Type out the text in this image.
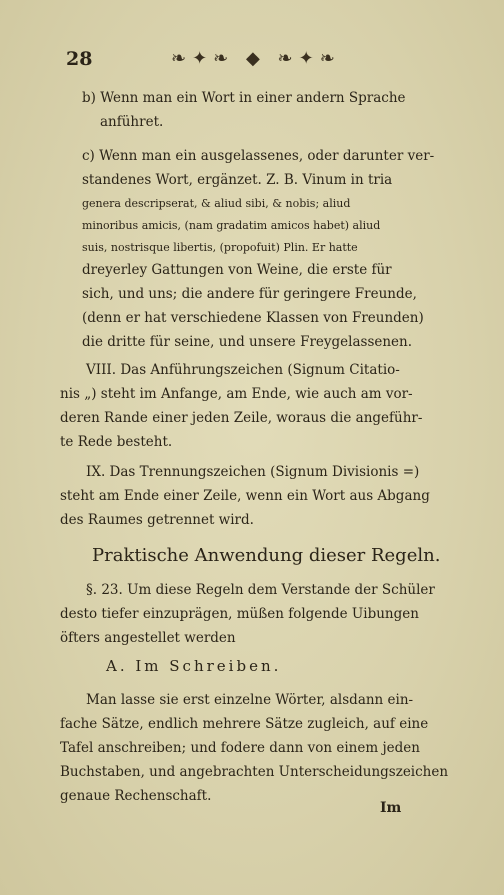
28	❧✦❧ ◆ ❧✦❧
b) Wenn man ein Wort in einer andern Sprache
anführet.
c) Wenn man ein ausgelassenes, oder darunter ver-
standenes Wort, ergänzet. Z. B. Vinum in tria
genera descripserat, & aliud sibi, & nobis; aliud
minoribus amicis, (nam gradatim amicos habet) aliud
suis, nostrisque libertis, (propofuit) Plin. Er hatte
dreyerley Gattungen von Weine, die erste für
sich, und uns; die andere für geringere Freunde,
(denn er hat verschiedene Klassen von Freunden)
die dritte für seine, und unsere Freygelassenen.
VIII. Das Anführungszeichen (Signum Citatio-
nis „) steht im Anfange, am Ende, wie auch am vor-
deren Rande einer jeden Zeile, woraus die angeführ-
te Rede besteht.
IX. Das Trennungszeichen (Signum Divisionis =)
steht am Ende einer Zeile, wenn ein Wort aus Abgang
des Raumes getrennet wird.
Praktische Anwendung dieser Regeln.
§. 23. Um diese Regeln dem Verstande der Schüler
desto tiefer einzuprägen, müßen folgende Uibungen
öfters angestellet werden
A. Im Schreiben.
Man lasse sie erst einzelne Wörter, alsdann ein-
fache Sätze, endlich mehrere Sätze zugleich, auf eine
Tafel anschreiben; und fodere dann von einem jeden
Buchstaben, und angebrachten Unterscheidungszeichen
genaue Rechenschaft.
Im
